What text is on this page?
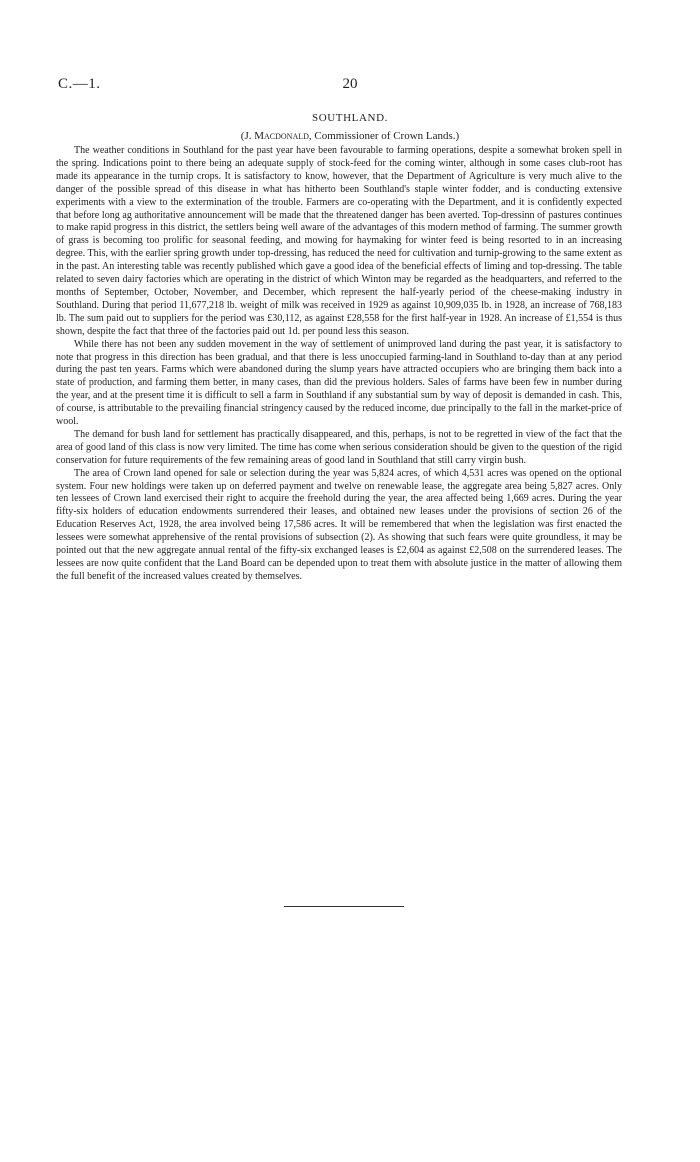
C.—1.	20
SOUTHLAND.
(J. Macdonald, Commissioner of Crown Lands.)

The weather conditions in Southland for the past year have been favourable to farming operations, despite a somewhat broken spell in the spring. Indications point to there being an adequate supply of stock-feed for the coming winter, although in some cases club-root has made its appearance in the turnip crops. It is satisfactory to know, however, that the Department of Agriculture is very much alive to the danger of the possible spread of this disease in what has hitherto been Southland's staple winter fodder, and is conducting extensive experiments with a view to the extermination of the trouble. Farmers are co-operating with the Department, and it is confidently expected that before long ag authoritative announcement will be made that the threatened danger has been averted. Top-dressinn of pastures continues to make rapid progress in this district, the settlers being well aware of the advantages of this modern method of farming. The summer growth of grass is becoming too prolific for seasonal feeding, and mowing for haymaking for winter feed is being resorted to in an increasing degree. This, with the earlier spring growth under top-dressing, has reduced the need for cultivation and turnip-growing to the same extent as in the past. An interesting table was recently published which gave a good idea of the beneficial effects of liming and top-dressing. The table related to seven dairy factories which are operating in the district of which Winton may be regarded as the headquarters, and referred to the months of September, October, November, and December, which represent the half-yearly period of the cheese-making industry in Southland. During that period 11,677,218 lb. weight of milk was received in 1929 as against 10,909,035 lb. in 1928, an increase of 768,183 lb. The sum paid out to suppliers for the period was £30,112, as against £28,558 for the first half-year in 1928. An increase of £1,554 is thus shown, despite the fact that three of the factories paid out 1d. per pound less this season.

While there has not been any sudden movement in the way of settlement of unimproved land during the past year, it is satisfactory to note that progress in this direction has been gradual, and that there is less unoccupied farming-land in Southland to-day than at any period during the past ten years. Farms which were abandoned during the slump years have attracted occupiers who are bringing them back into a state of production, and farming them better, in many cases, than did the previous holders. Sales of farms have been few in number during the year, and at the present time it is difficult to sell a farm in Southland if any substantial sum by way of deposit is demanded in cash. This, of course, is attributable to the prevailing financial stringency caused by the reduced income, due principally to the fall in the market-price of wool.

The demand for bush land for settlement has practically disappeared, and this, perhaps, is not to be regretted in view of the fact that the area of good land of this class is now very limited. The time has come when serious consideration should be given to the question of the rigid conservation for future requirements of the few remaining areas of good land in Southland that still carry virgin bush.

The area of Crown land opened for sale or selection during the year was 5,824 acres, of which 4,531 acres was opened on the optional system. Four new holdings were taken up on deferred payment and twelve on renewable lease, the aggregate area being 5,827 acres. Only ten lessees of Crown land exercised their right to acquire the freehold during the year, the area affected being 1,669 acres. During the year fifty-six holders of education endowments surrendered their leases, and obtained new leases under the provisions of section 26 of the Education Reserves Act, 1928, the area involved being 17,586 acres. It will be remembered that when the legislation was first enacted the lessees were somewhat apprehensive of the rental provisions of subsection (2). As showing that such fears were quite groundless, it may be pointed out that the new aggregate annual rental of the fifty-six exchanged leases is £2,604 as against £2,508 on the surrendered leases. The lessees are now quite confident that the Land Board can be depended upon to treat them with absolute justice in the matter of allowing them the full benefit of the increased values created by themselves.
